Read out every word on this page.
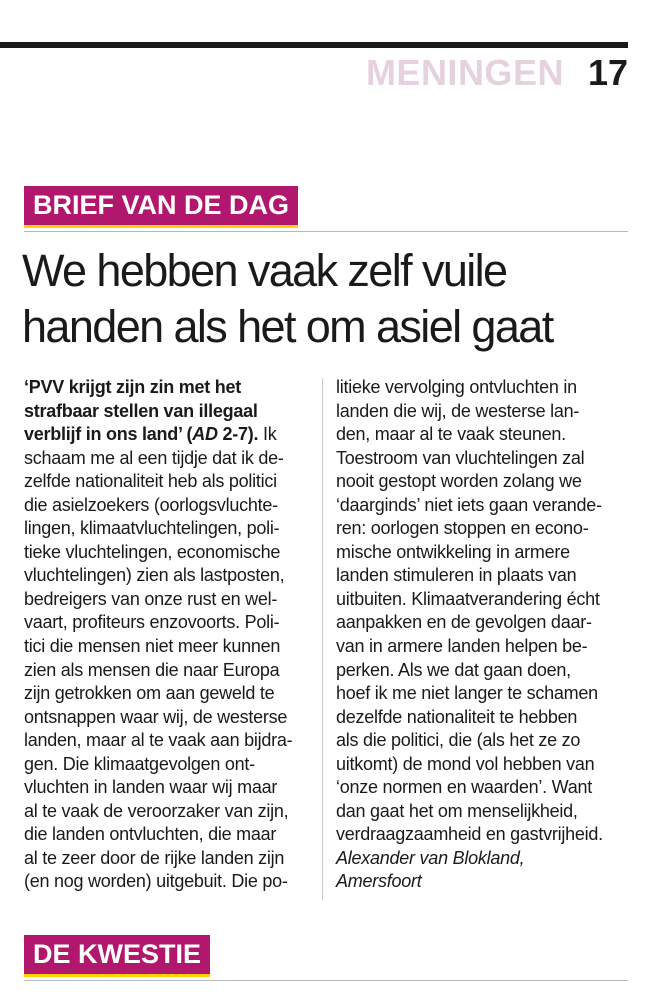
MENINGEN 17
BRIEF VAN DE DAG
We hebben vaak zelf vuile
handen als het om asiel gaat
‘PVV krijgt zijn zin met het
strafbaar stellen van illegaal
verblijf in ons land’ (AD 2-7). Ik
schaam me al een tijdje dat ik de-
zelfde nationaliteit heb als politici
die asielzoekers (oorlogsvluchte-
lingen, klimaatvluchtelingen, poli-
tieke vluchtelingen, economische
vluchtelingen) zien als lastposten,
bedreigers van onze rust en wel-
vaart, profiteurs enzovoorts. Poli-
tici die mensen niet meer kunnen
zien als mensen die naar Europa
zijn getrokken om aan geweld te
ontsnappen waar wij, de westerse
landen, maar al te vaak aan bijdra-
gen. Die klimaatgevolgen ont-
vluchten in landen waar wij maar
al te vaak de veroorzaker van zijn,
die landen ontvluchten, die maar
al te zeer door de rijke landen zijn
(en nog worden) uitgebuit. Die po-
litieke vervolging ontvluchten in
landen die wij, de westerse lan-
den, maar al te vaak steunen.
Toestroom van vluchtelingen zal
nooit gestopt worden zolang we
‘daarginds’ niet iets gaan verande-
ren: oorlogen stoppen en econo-
mische ontwikkeling in armere
landen stimuleren in plaats van
uitbuiten. Klimaatverandering écht
aanpakken en de gevolgen daar-
van in armere landen helpen be-
perken. Als we dat gaan doen,
hoef ik me niet langer te schamen
dezelfde nationaliteit te hebben
als die politici, die (als het ze zo
uitkomt) de mond vol hebben van
‘onze normen en waarden’. Want
dan gaat het om menselijkheid,
verdraagzaamheid en gastvrijheid.
Alexander van Blokland,
Amersfoort
DE KWESTIE
